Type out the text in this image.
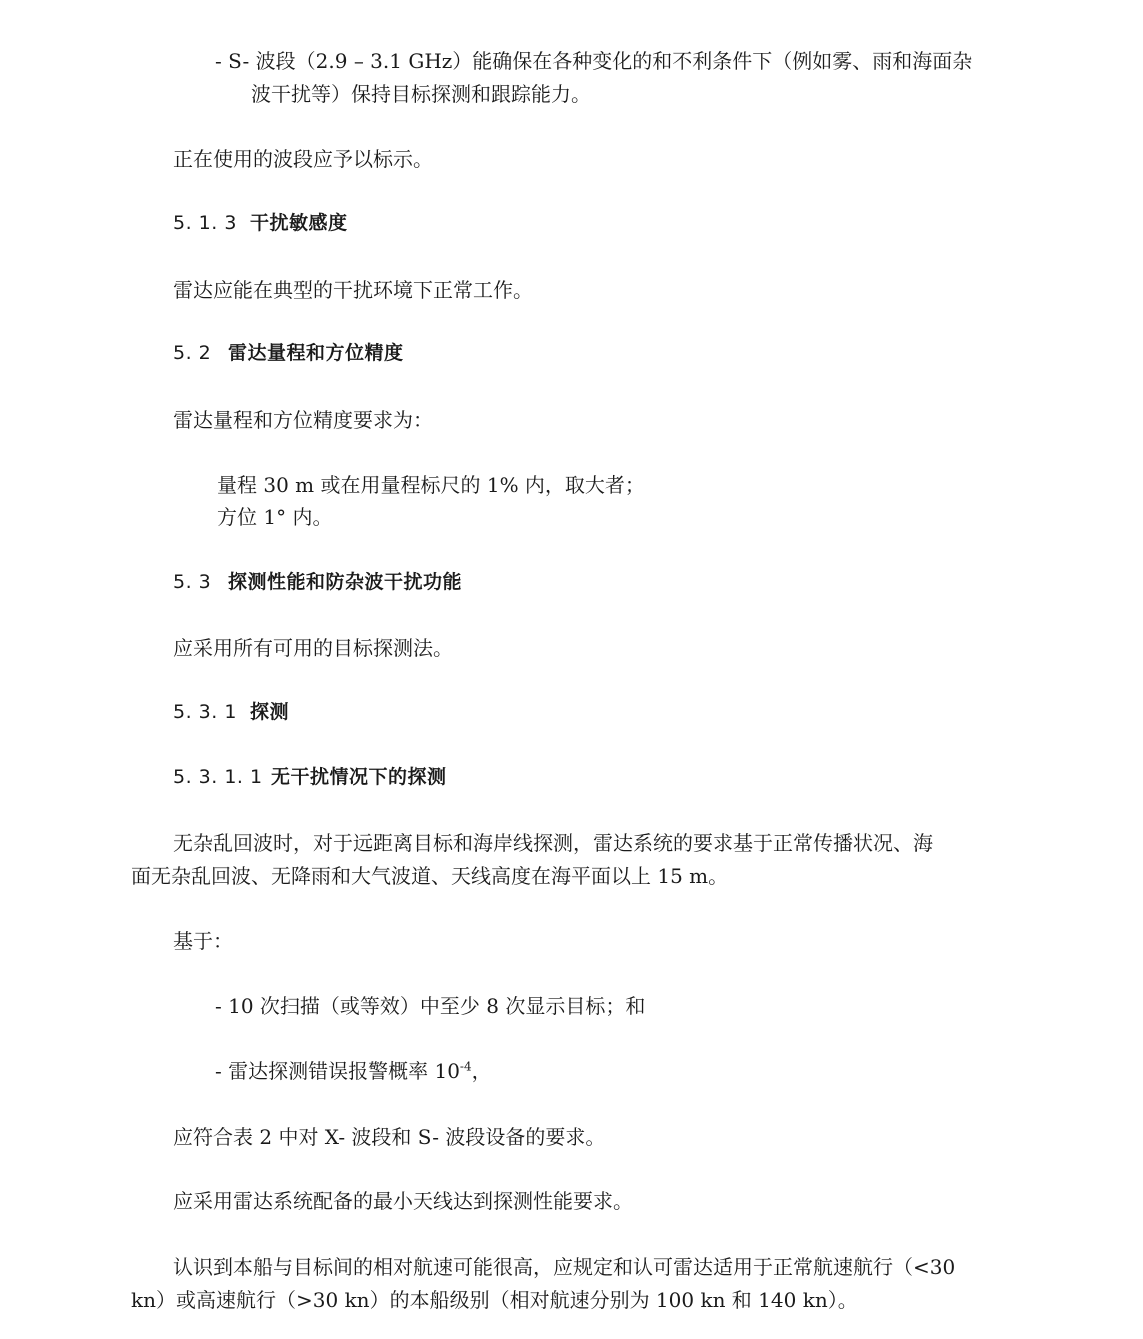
- S- 波段（2.9 – 3.1 GHz）能确保在各种变化的和不利条件下（例如雾、雨和海面杂
波干扰等）保持目标探测和跟踪能力。
正在使用的波段应予以标示。
5. 1. 3 干扰敏感度
雷达应能在典型的干扰环境下正常工作。
5. 2 雷达量程和方位精度
雷达量程和方位精度要求为：
量程 30 m 或在用量程标尺的 1% 内，取大者；
方位 1° 内。
5. 3 探测性能和防杂波干扰功能
应采用所有可用的目标探测法。
5. 3. 1 探测
5. 3. 1. 1 无干扰情况下的探测
无杂乱回波时，对于远距离目标和海岸线探测，雷达系统的要求基于正常传播状况、海
面无杂乱回波、无降雨和大气波道、天线高度在海平面以上 15 m。
基于：
- 10 次扫描（或等效）中至少 8 次显示目标；和
- 雷达探测错误报警概率 $10^{-4}$，
应符合表 2 中对 X- 波段和 S- 波段设备的要求。
应采用雷达系统配备的最小天线达到探测性能要求。
认识到本船与目标间的相对航速可能很高，应规定和认可雷达适用于正常航速航行（<30
kn）或高速航行（>30 kn）的本船级别（相对航速分别为 100 kn 和 140 kn）。
